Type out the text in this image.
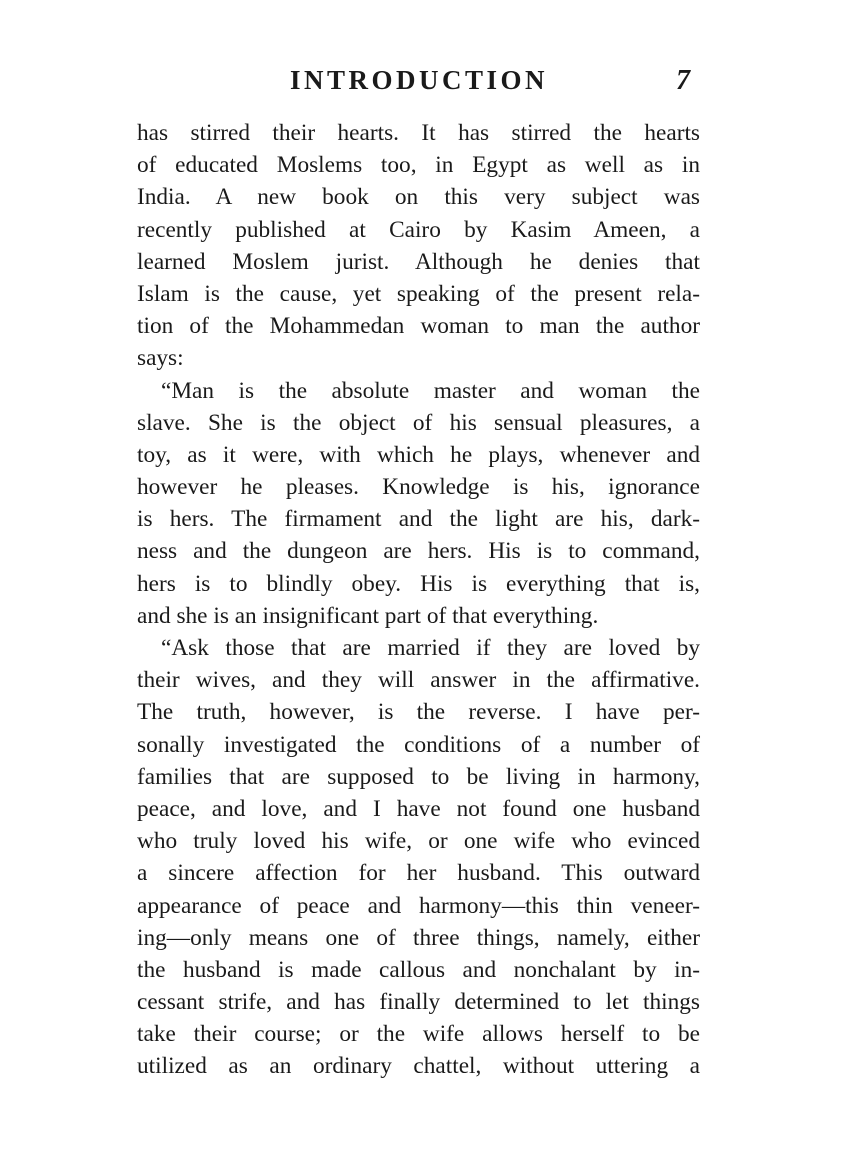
INTRODUCTION	7
has stirred their hearts. It has stirred the hearts
of educated Moslems too, in Egypt as well as in
India. A new book on this very subject was
recently published at Cairo by Kasim Ameen, a
learned Moslem jurist. Although he denies that
Islam is the cause, yet speaking of the present rela-
tion of the Mohammedan woman to man the author
says:
“Man is the absolute master and woman the
slave. She is the object of his sensual pleasures, a
toy, as it were, with which he plays, whenever and
however he pleases. Knowledge is his, ignorance
is hers. The firmament and the light are his, dark-
ness and the dungeon are hers. His is to command,
hers is to blindly obey. His is everything that is,
and she is an insignificant part of that everything.
“Ask those that are married if they are loved by
their wives, and they will answer in the affirmative.
The truth, however, is the reverse. I have per-
sonally investigated the conditions of a number of
families that are supposed to be living in harmony,
peace, and love, and I have not found one husband
who truly loved his wife, or one wife who evinced
a sincere affection for her husband. This outward
appearance of peace and harmony—this thin veneer-
ing—only means one of three things, namely, either
the husband is made callous and nonchalant by in-
cessant strife, and has finally determined to let things
take their course; or the wife allows herself to be
utilized as an ordinary chattel, without uttering a
